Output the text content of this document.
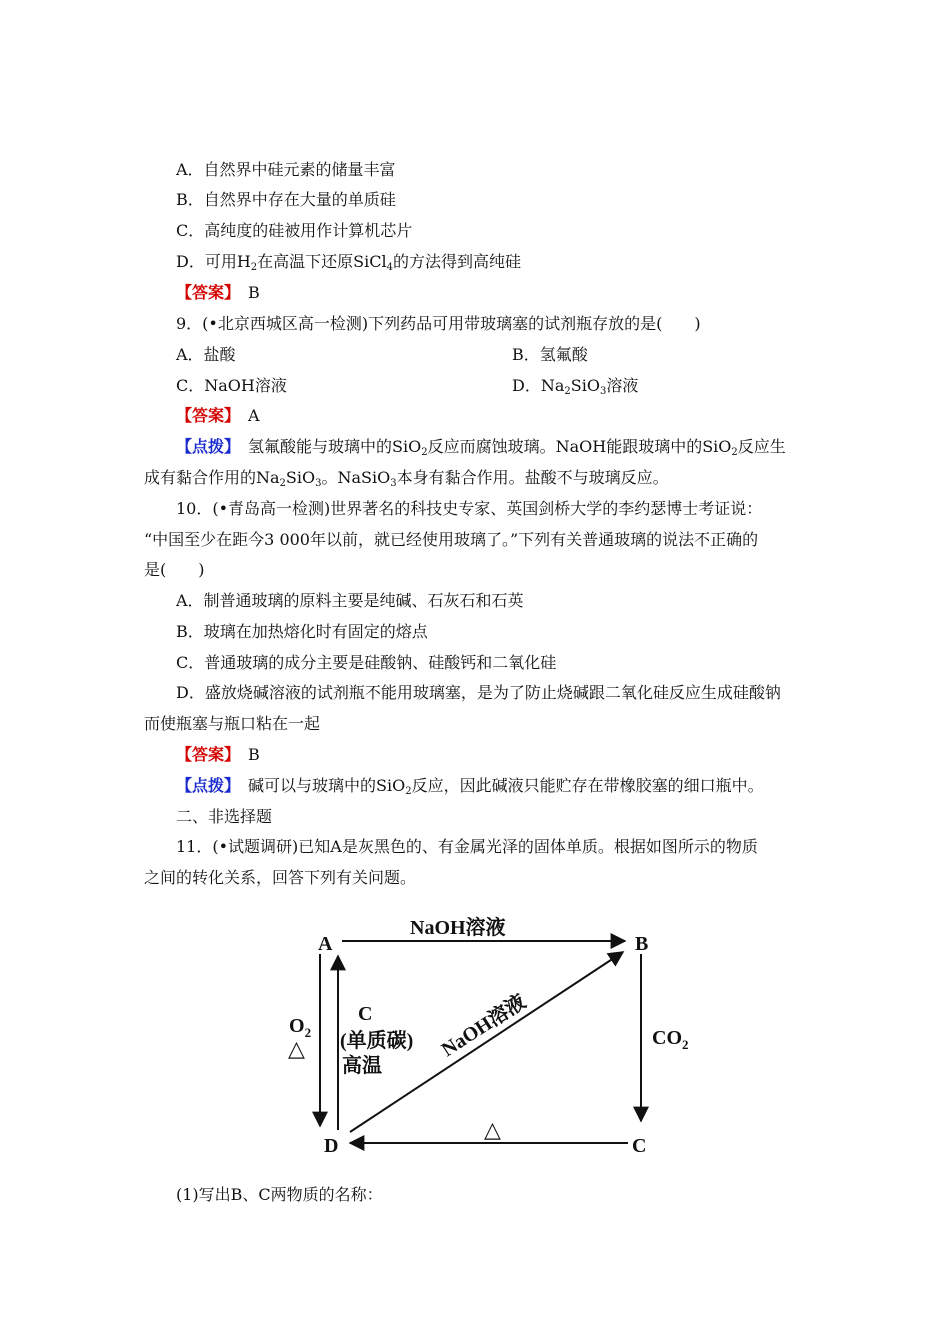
A．自然界中硅元素的储量丰富
B．自然界中存在大量的单质硅
C．高纯度的硅被用作计算机芯片
D．可用$H_2$在高温下还原SiCl$_4$的方法得到高纯硅
【答案】　 B
9．(•北京西城区高一检测)下列药品可用带玻璃塞的试剂瓶存放的是(　　)
A．盐酸	B．氢氟酸
C．NaOH溶液	D．$Na_2SiO_3$溶液
【答案】　 A
【点拨】　 氢氟酸能与玻璃中的SiO$_2$反应而腐蚀玻璃。NaOH能跟玻璃中的SiO$_2$反应生
成有黏合作用的$Na_2SiO_3$。NaSiO$_3$本身有黏合作用。盐酸不与玻璃反应。
10．(•青岛高一检测)世界著名的科技史专家、英国剑桥大学的李约瑟博士考证说：
“中国至少在距今3 000年以前，就已经使用玻璃了。”下列有关普通玻璃的说法不正确的
是(　　)
A．制普通玻璃的原料主要是纯碱、石灰石和石英
B．玻璃在加热熔化时有固定的熔点
C．普通玻璃的成分主要是硅酸钠、硅酸钙和二氧化硅
D．盛放烧碱溶液的试剂瓶不能用玻璃塞，是为了防止烧碱跟二氧化硅反应生成硅酸钠
而使瓶塞与瓶口粘在一起
【答案】　 B
【点拨】　 碱可以与玻璃中的SiO$_2$反应，因此碱液只能贮存在带橡胶塞的细口瓶中。
二、非选择题
11．(•试题调研)已知A是灰黑色的、有金属光泽的固体单质。根据如图所示的物质
之间的转化关系，回答下列有关问题。
A	B
C
D
NaOH溶液
$CO_2$
△
$O_2$
△
C
(单质碳)
高温
NaOH溶液
(1)写出B、C两物质的名称：
